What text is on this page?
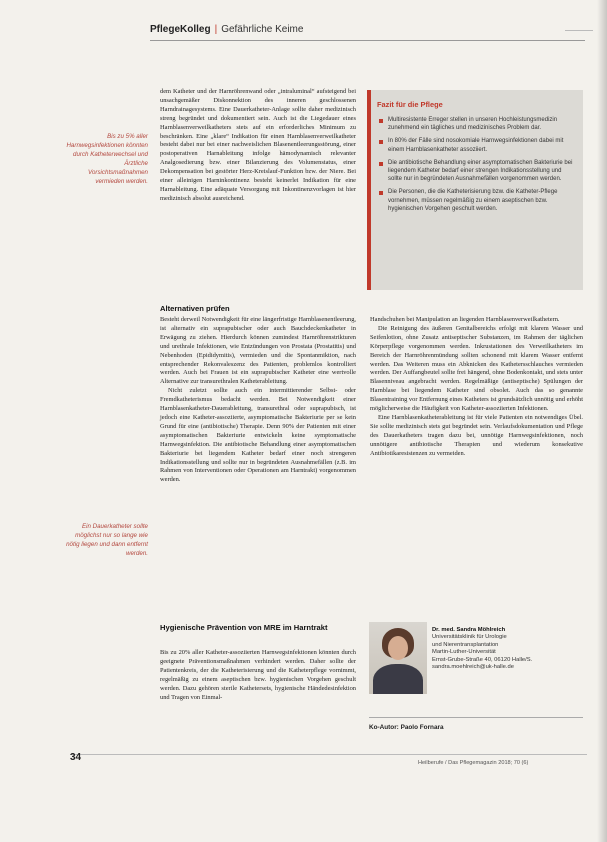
PflegeKolleg | Gefährliche Keime
Bis zu 5% aller Harnwegsinfektionen könnten durch Katheterwechsel und Ärztliche Vorsichtsmaßnahmen vermieden werden.
Ein Dauerkatheter sollte möglichst nur so lange wie nötig liegen und dann entfernt werden.

dem Katheter und der Harnröhrenwand oder „intraluminal“ aufsteigend bei unsachgemäßer Diskonnektion des inneren geschlossenen Harndrainagesystems. Eine Dauerkatheter-Anlage sollte daher medizinisch streng begründet und dokumentiert sein. Auch ist die Liegedauer eines Harnblasenverweilkatheters stets auf ein erforderliches Minimum zu beschränken. Eine „klare“ Indikation für einen Harnblasenverweilkatheter besteht dabei nur bei einer nachweislichen Blasenentleerungsstörung, einer postoperativen Harnableitung infolge hämodynamisch relevanter Analgosedierung bzw. einer Bilanzierung des Volumenstatus, einer Dekompensation bei gestörter Herz-Kreislauf-Funktion bzw. der Niere. Bei einer alleinigen Harninkontinenz besteht keinerlei Indikation für eine Harnableitung. Eine adäquate Versorgung mit Inkontinenzvorlagen ist hier medizinisch absolut ausreichend.

Alternativen prüfen

Besteht derweil Notwendigkeit für eine längerfristige Harnblasenentleerung, ist alternativ ein suprapubischer oder auch Bauchdeckenkatheter in Erwägung zu ziehen. Hierdurch können zumindest Harnröhrenstrikturen und urethrale Infektionen, wie Entzündungen von Prostata (Prostatitis) und Nebenhoden (Epididymitis), vermieden und die Spontanmiktion, nach entsprechender Rekonvaleszenz des Patienten, problemlos kontrolliert werden. Auch bei Frauen ist ein suprapubischer Katheter eine wertvolle Alternative zur transurethralen Katheterableitung.

Nicht zuletzt sollte auch ein intermittierender Selbst- oder Fremdkatheterismus bedacht werden. Bei Notwendigkeit einer Harnblasenkatheter-Dauerableitung, transurethral oder suprapubisch, ist jedoch eine Katheter-assoziierte, asymptomatische Bakteriurie per se kein Grund für eine (antibiotische) Therapie. Denn 90% der Patienten mit einer asymptomatischen Bakteriurie entwickeln keine symptomatische Harnwegsinfektion. Die antibiotische Behandlung einer asymptomatischen Bakteriurie bei liegendem Katheter bedarf einer noch strengeren Indikationsstellung und sollte nur in begründeten Ausnahmefällen (z.B. im Rahmen von Interventionen oder Operationen am Harntrakt) vorgenommen werden.

Hygienische Prävention von MRE im Harntrakt

Bis zu 20% aller Katheter-assoziierten Harnwegsinfektionen könnten durch geeignete Präventionsmaßnahmen verhindert werden. Daher sollte der Patientenkreis, der die Katheterisierung und die Katheterpflege vornimmt, regelmäßig zu einem aseptischen bzw. hygienischen Vorgehen geschult werden. Dazu gehören sterile Kathetersets, hygienische Händedesinfektion und Tragen von Einmal-

Fazit für die Pflege
Multiresistente Erreger stellen in unseren Hochleistungsmedizin zunehmend ein tägliches und medizinisches Problem dar.
In 80% der Fälle sind nosokomiale Harnwegsinfektionen dabei mit einem Harnblasenkatheter assoziiert.
Die antibiotische Behandlung einer asymptomatischen Bakteriurie bei liegendem Katheter bedarf einer strengen Indikationsstellung und sollte nur in begründeten Ausnahmefällen vorgenommen werden.
Die Personen, die die Katheterisierung bzw. die Katheter-Pflege vornehmen, müssen regelmäßig zu einem aseptischen bzw. hygienischen Vorgehen geschult werden.

Handschuhen bei Manipulation an liegenden Harnblasenverweilkathetern.

Die Reinigung des äußeren Genitalbereichs erfolgt mit klarem Wasser und Seifenlotion, ohne Zusatz antiseptischer Substanzen, im Rahmen der täglichen Körperpflege vorgenommen werden. Inkrustationen des Verweilkatheters im Bereich der Harnröhrenmündung sollten schonend mit klarem Wasser entfernt werden. Das Weiteren muss ein Abknicken des Kathetersschlauches vermieden werden. Der Auffangbeutel sollte frei hängend, ohne Bodenkontakt, und stets unter Blasenniveau angebracht werden. Regelmäßige (antiseptische) Spülungen der Harnblase bei liegendem Katheter sind obsolet. Auch das so genannte Blasentraining vor Entfernung eines Katheters ist grundsätzlich unnötig und erhöht möglicherweise die Häufigkeit von Katheter-assoziierten Infektionen.

Eine Harnblasenkatheterableitung ist für viele Patienten ein notwendiges Übel. Sie sollte medizinisch stets gut begründet sein. Verlaufsdokumentation und Pflege des Dauerkatheters tragen dazu bei, unnötige Harnwegsinfektionen, noch unnötigere antibiotische Therapien und wiederum konsekutive Antibiotikaresistenzen zu vermeiden.

Dr. med. Sandra Möhlreich
Universitätsklinik für Urologie
und Nierentransplantation
Martin-Luther-Universität
Ernst-Grube-Straße 40, 06120 Halle/S.
sandra.moehlreich@uk-halle.de
Ko-Autor: Paolo Fornara
34	Heilberufe / Das Pflegemagazin 2018; 70 (6)
